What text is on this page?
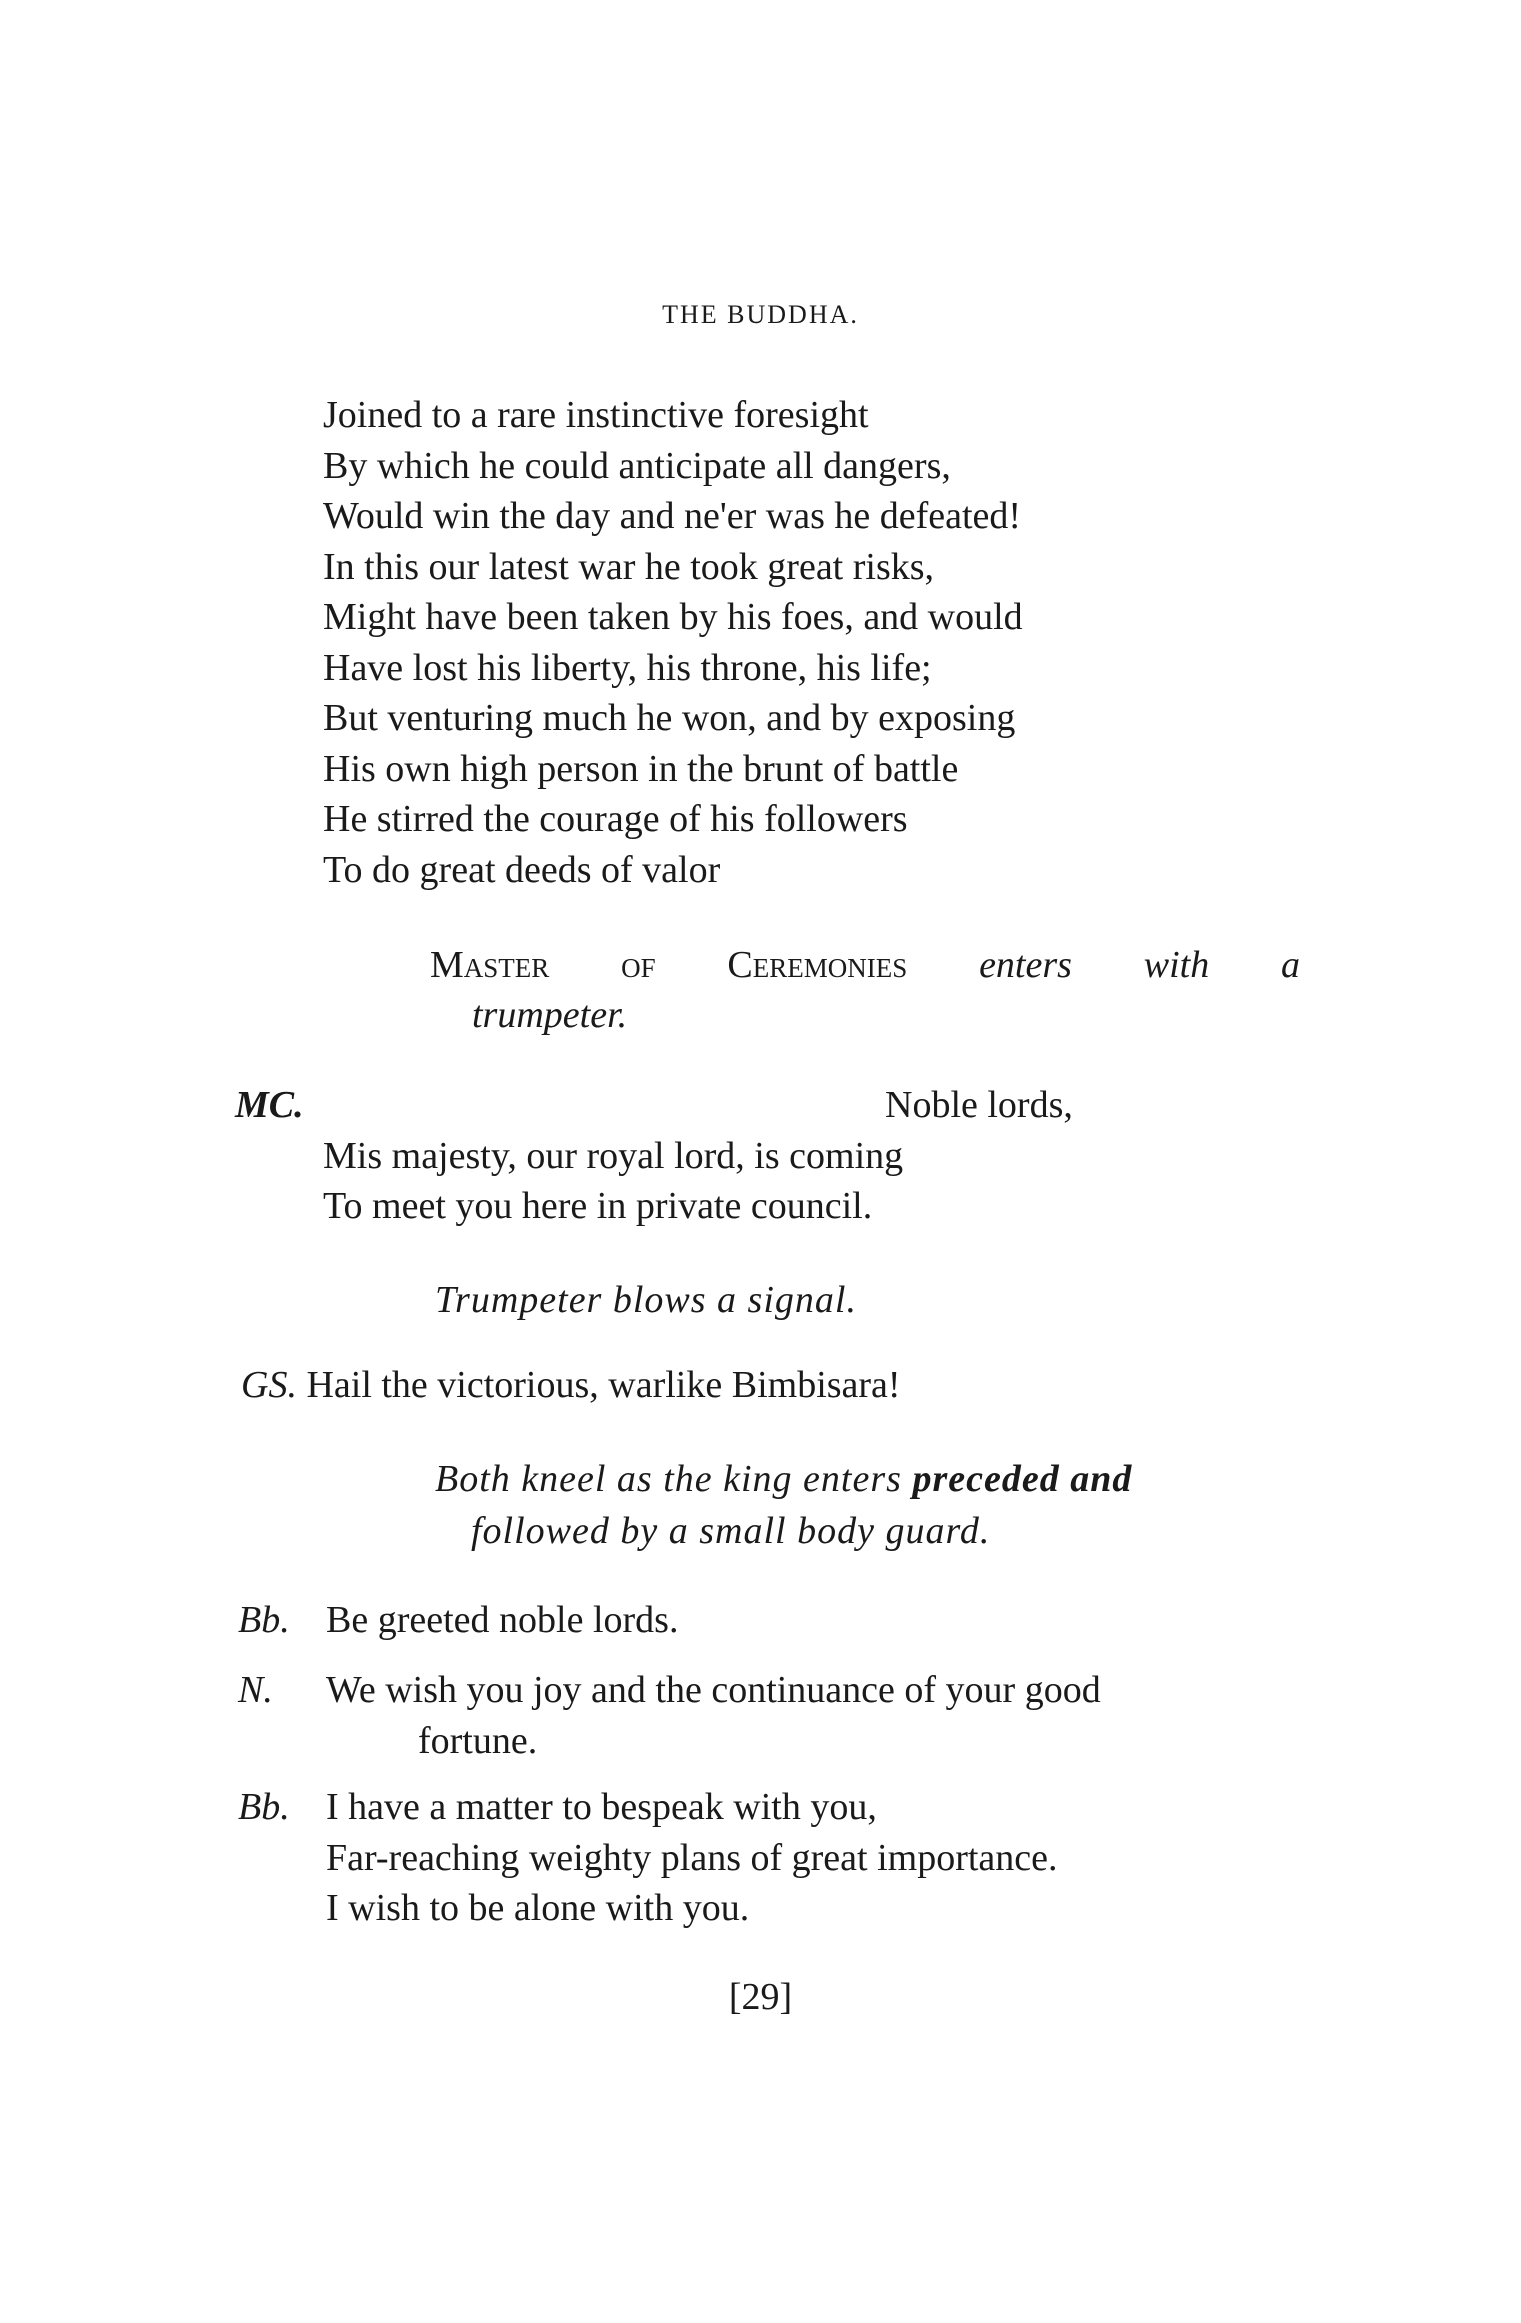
THE BUDDHA.
Joined to a rare instinctive foresight
By which he could anticipate all dangers,
Would win the day and ne'er was he defeated!
In this our latest war he took great risks,
Might have been taken by his foes, and would
Have lost his liberty, his throne, his life;
But venturing much he won, and by exposing
His own high person in the brunt of battle
He stirred the courage of his followers
To do great deeds of valor
Master of Ceremonies enters with a
trumpeter.
MC.	Noble lords,
Mis majesty, our royal lord, is coming
To meet you here in private council.
Trumpeter blows a signal.
GS. Hail the victorious, warlike Bimbisara!
Both kneel as the king enters preceded and
followed by a small body guard.
Bb. Be greeted noble lords.
N. We wish you joy and the continuance of your good
fortune.
Bb. I have a matter to bespeak with you,
Far-reaching weighty plans of great importance.
I wish to be alone with you.
[29]
